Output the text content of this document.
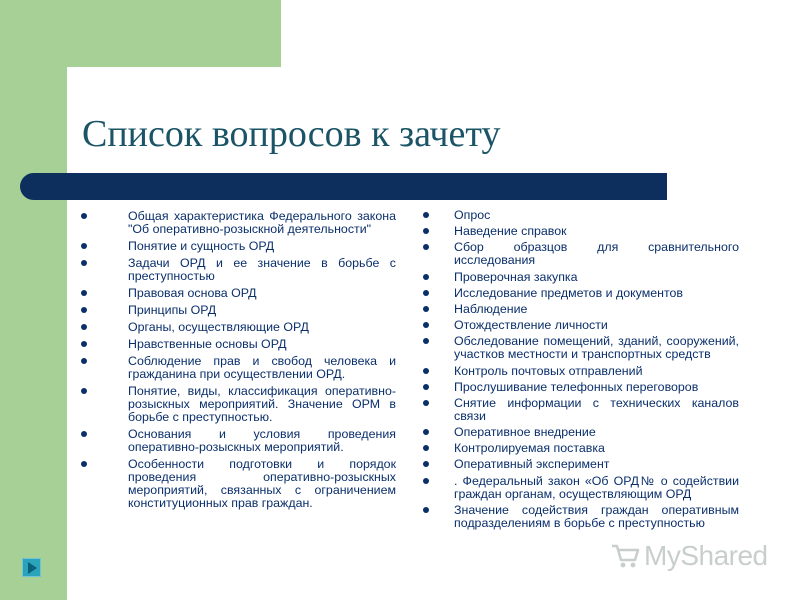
Список вопросов к зачету
Общая характеристика Федерального закона "Об оперативно-розыскной деятельности"
Понятие и сущность ОРД
Задачи ОРД и ее значение в борьбе с преступностью
Правовая основа ОРД
Принципы ОРД
Органы, осуществляющие ОРД
Нравственные основы ОРД
Соблюдение прав и свобод человека и гражданина при осуществлении ОРД.
Понятие, виды, классификация оперативно-розыскных мероприятий. Значение ОРМ в борьбе с преступностью.
Основания и условия проведения оперативно-розыскных мероприятий.
Особенности подготовки и порядок проведения оперативно-розыскных мероприятий, связанных с ограничением конституционных прав граждан.
Опрос
Наведение справок
Сбор образцов для сравнительного исследования
Проверочная закупка
Исследование предметов и документов
Наблюдение
Отождествление личности
Обследование помещений, зданий, сооружений, участков местности и транспортных средств
Контроль почтовых отправлений
Прослушивание телефонных переговоров
Снятие информации с технических каналов связи
Оперативное внедрение
Контролируемая поставка
Оперативный эксперимент
. Федеральный закон «Об ОРД№ о содействии граждан органам, осуществляющим ОРД
Значение содействия граждан оперативным подразделениям в борьбе с преступностью
MyShared
